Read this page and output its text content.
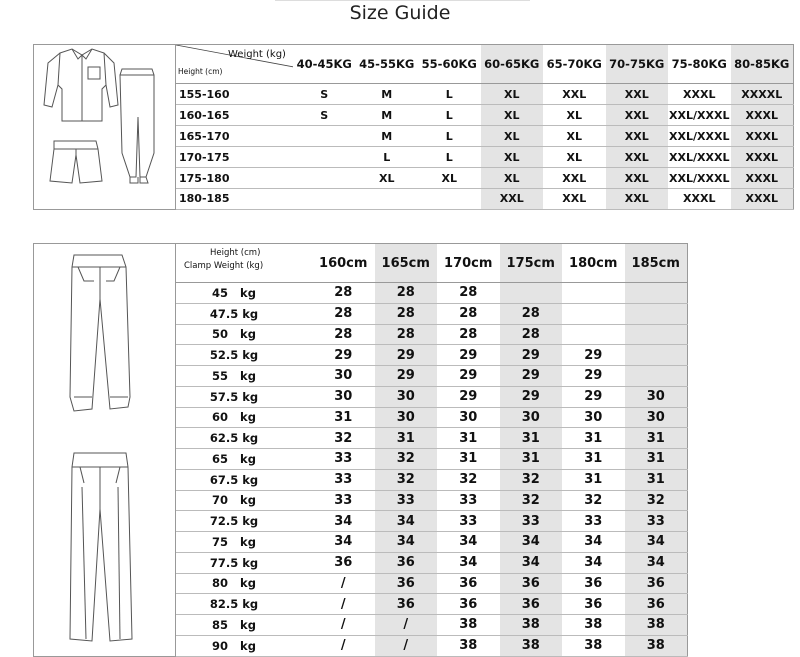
Size Guide

Weight (kg)
Height (cm)	40-45KG	45-55KG	55-60KG	60-65KG	65-70KG	70-75KG	75-80KG	80-85KG
	155-160	S	M	L	XL	XXL	XXL	XXXL	XXXXL
	160-165	S	M	L	XL	XL	XXL	XXL/XXXL	XXXL
	165-170		M	L	XL	XL	XXL	XXL/XXXL	XXXL
	170-175		L	L	XL	XL	XXL	XXL/XXXL	XXXL
	175-180		XL	XL	XL	XXL	XXL	XXL/XXXL	XXXL
	180-185				XXL	XXL	XXL	XXXL	XXXL

Height (cm)
Clamp Weight (kg)	160cm	165cm	170cm	175cm	180cm	185cm
	45   kg	28	28	28			
	47.5 kg	28	28	28	28		
	50   kg	28	28	28	28		
	52.5 kg	29	29	29	29	29	
	55   kg	30	29	29	29	29	
	57.5 kg	30	30	29	29	29	30
	60   kg	31	30	30	30	30	30
	62.5 kg	32	31	31	31	31	31
	65   kg	33	32	31	31	31	31
	67.5 kg	33	32	32	32	31	31
	70   kg	33	33	33	32	32	32
	72.5 kg	34	34	33	33	33	33
	75   kg	34	34	34	34	34	34
	77.5 kg	36	36	34	34	34	34
	80   kg	/	36	36	36	36	36
	82.5 kg	/	36	36	36	36	36
	85   kg	/	/	38	38	38	38
	90   kg	/	/	38	38	38	38
